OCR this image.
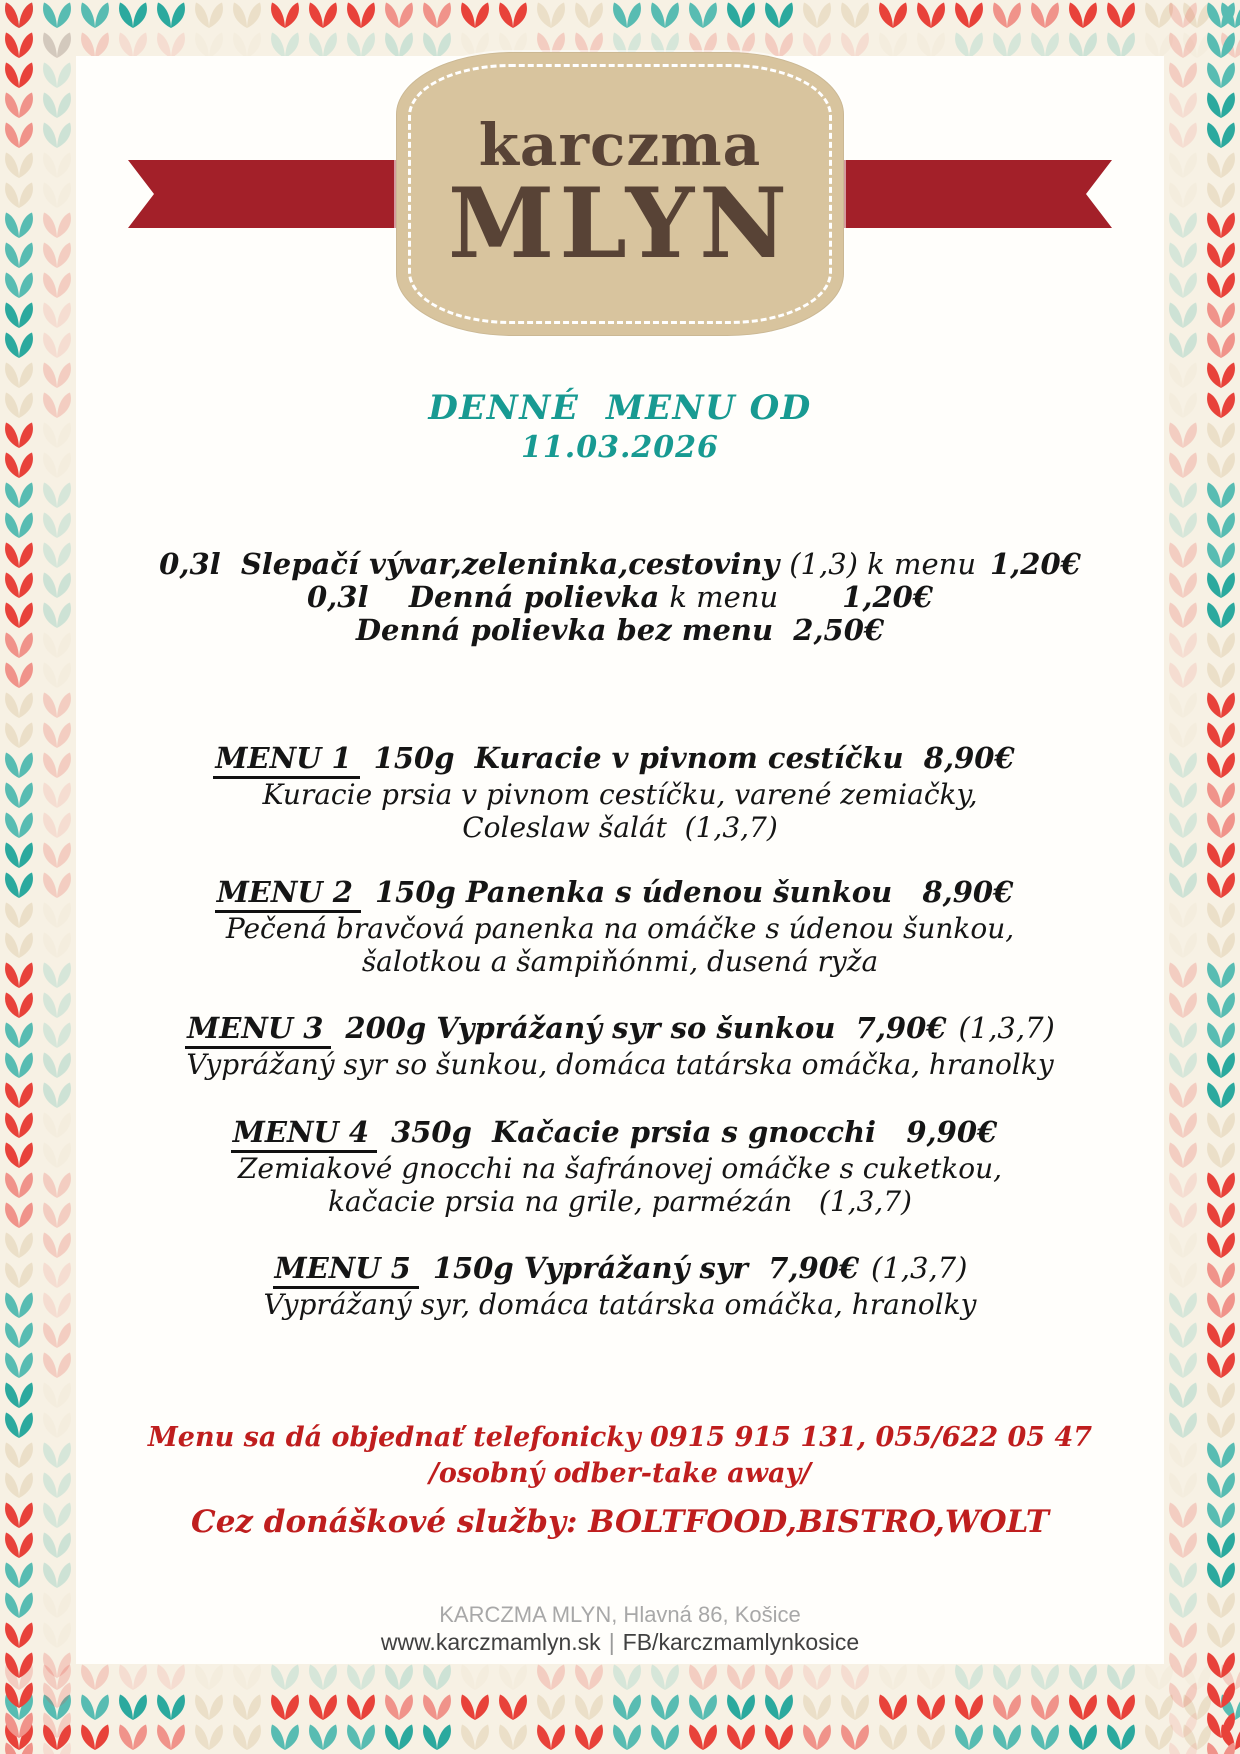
karczma
MLYN
DENNÉ  MENU OD
11.03.2026
0,3l  Slepačí vývar,zeleninka,cestoviny (1,3) k menu 1,20€
0,3l    Denná polievka k menu 1,20€
Denná polievka bez menu  2,50€
MENU 1 150g  Kuracie v pivnom cestíčku  8,90€
Kuracie prsia v pivnom cestíčku, varené zemiačky,
Coleslaw šalát  (1,3,7)
MENU 2 150g Panenka s údenou šunkou   8,90€
Pečená bravčová panenka na omáčke s údenou šunkou,
šalotkou a šampiňónmi, dusená ryža
MENU 3 200g Vyprážaný syr so šunkou  7,90€ (1,3,7)
Vyprážaný syr so šunkou, domáca tatárska omáčka, hranolky
MENU 4 350g  Kačacie prsia s gnocchi   9,90€
Zemiakové gnocchi na šafránovej omáčke s cuketkou,
kačacie prsia na grile, parmézán   (1,3,7)
MENU 5 150g Vyprážaný syr  7,90€ (1,3,7)
Vyprážaný syr, domáca tatárska omáčka, hranolky
Menu sa dá objednať telefonicky 0915 915 131, 055/622 05 47
/osobný odber-take away/
Cez donáškové služby: BOLTFOOD,BISTRO,WOLT
KARCZMA MLYN, Hlavná 86, Košice
www.karczmamlyn.sk | FB/karczmamlynkosice
